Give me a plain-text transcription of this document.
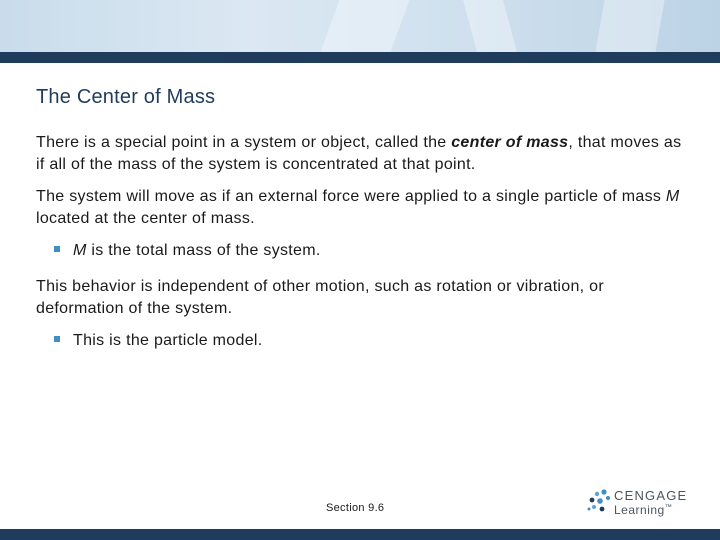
The Center of Mass

There is a special point in a system or object, called the center of mass, that moves as if all of the mass of the system is concentrated at that point.

The system will move as if an external force were applied to a single particle of mass M located at the center of mass.

M is the total mass of the system.

This behavior is independent of other motion, such as rotation or vibration, or deformation of the system.

This is the particle model.
Section 9.6
CENGAGE
Learning™
